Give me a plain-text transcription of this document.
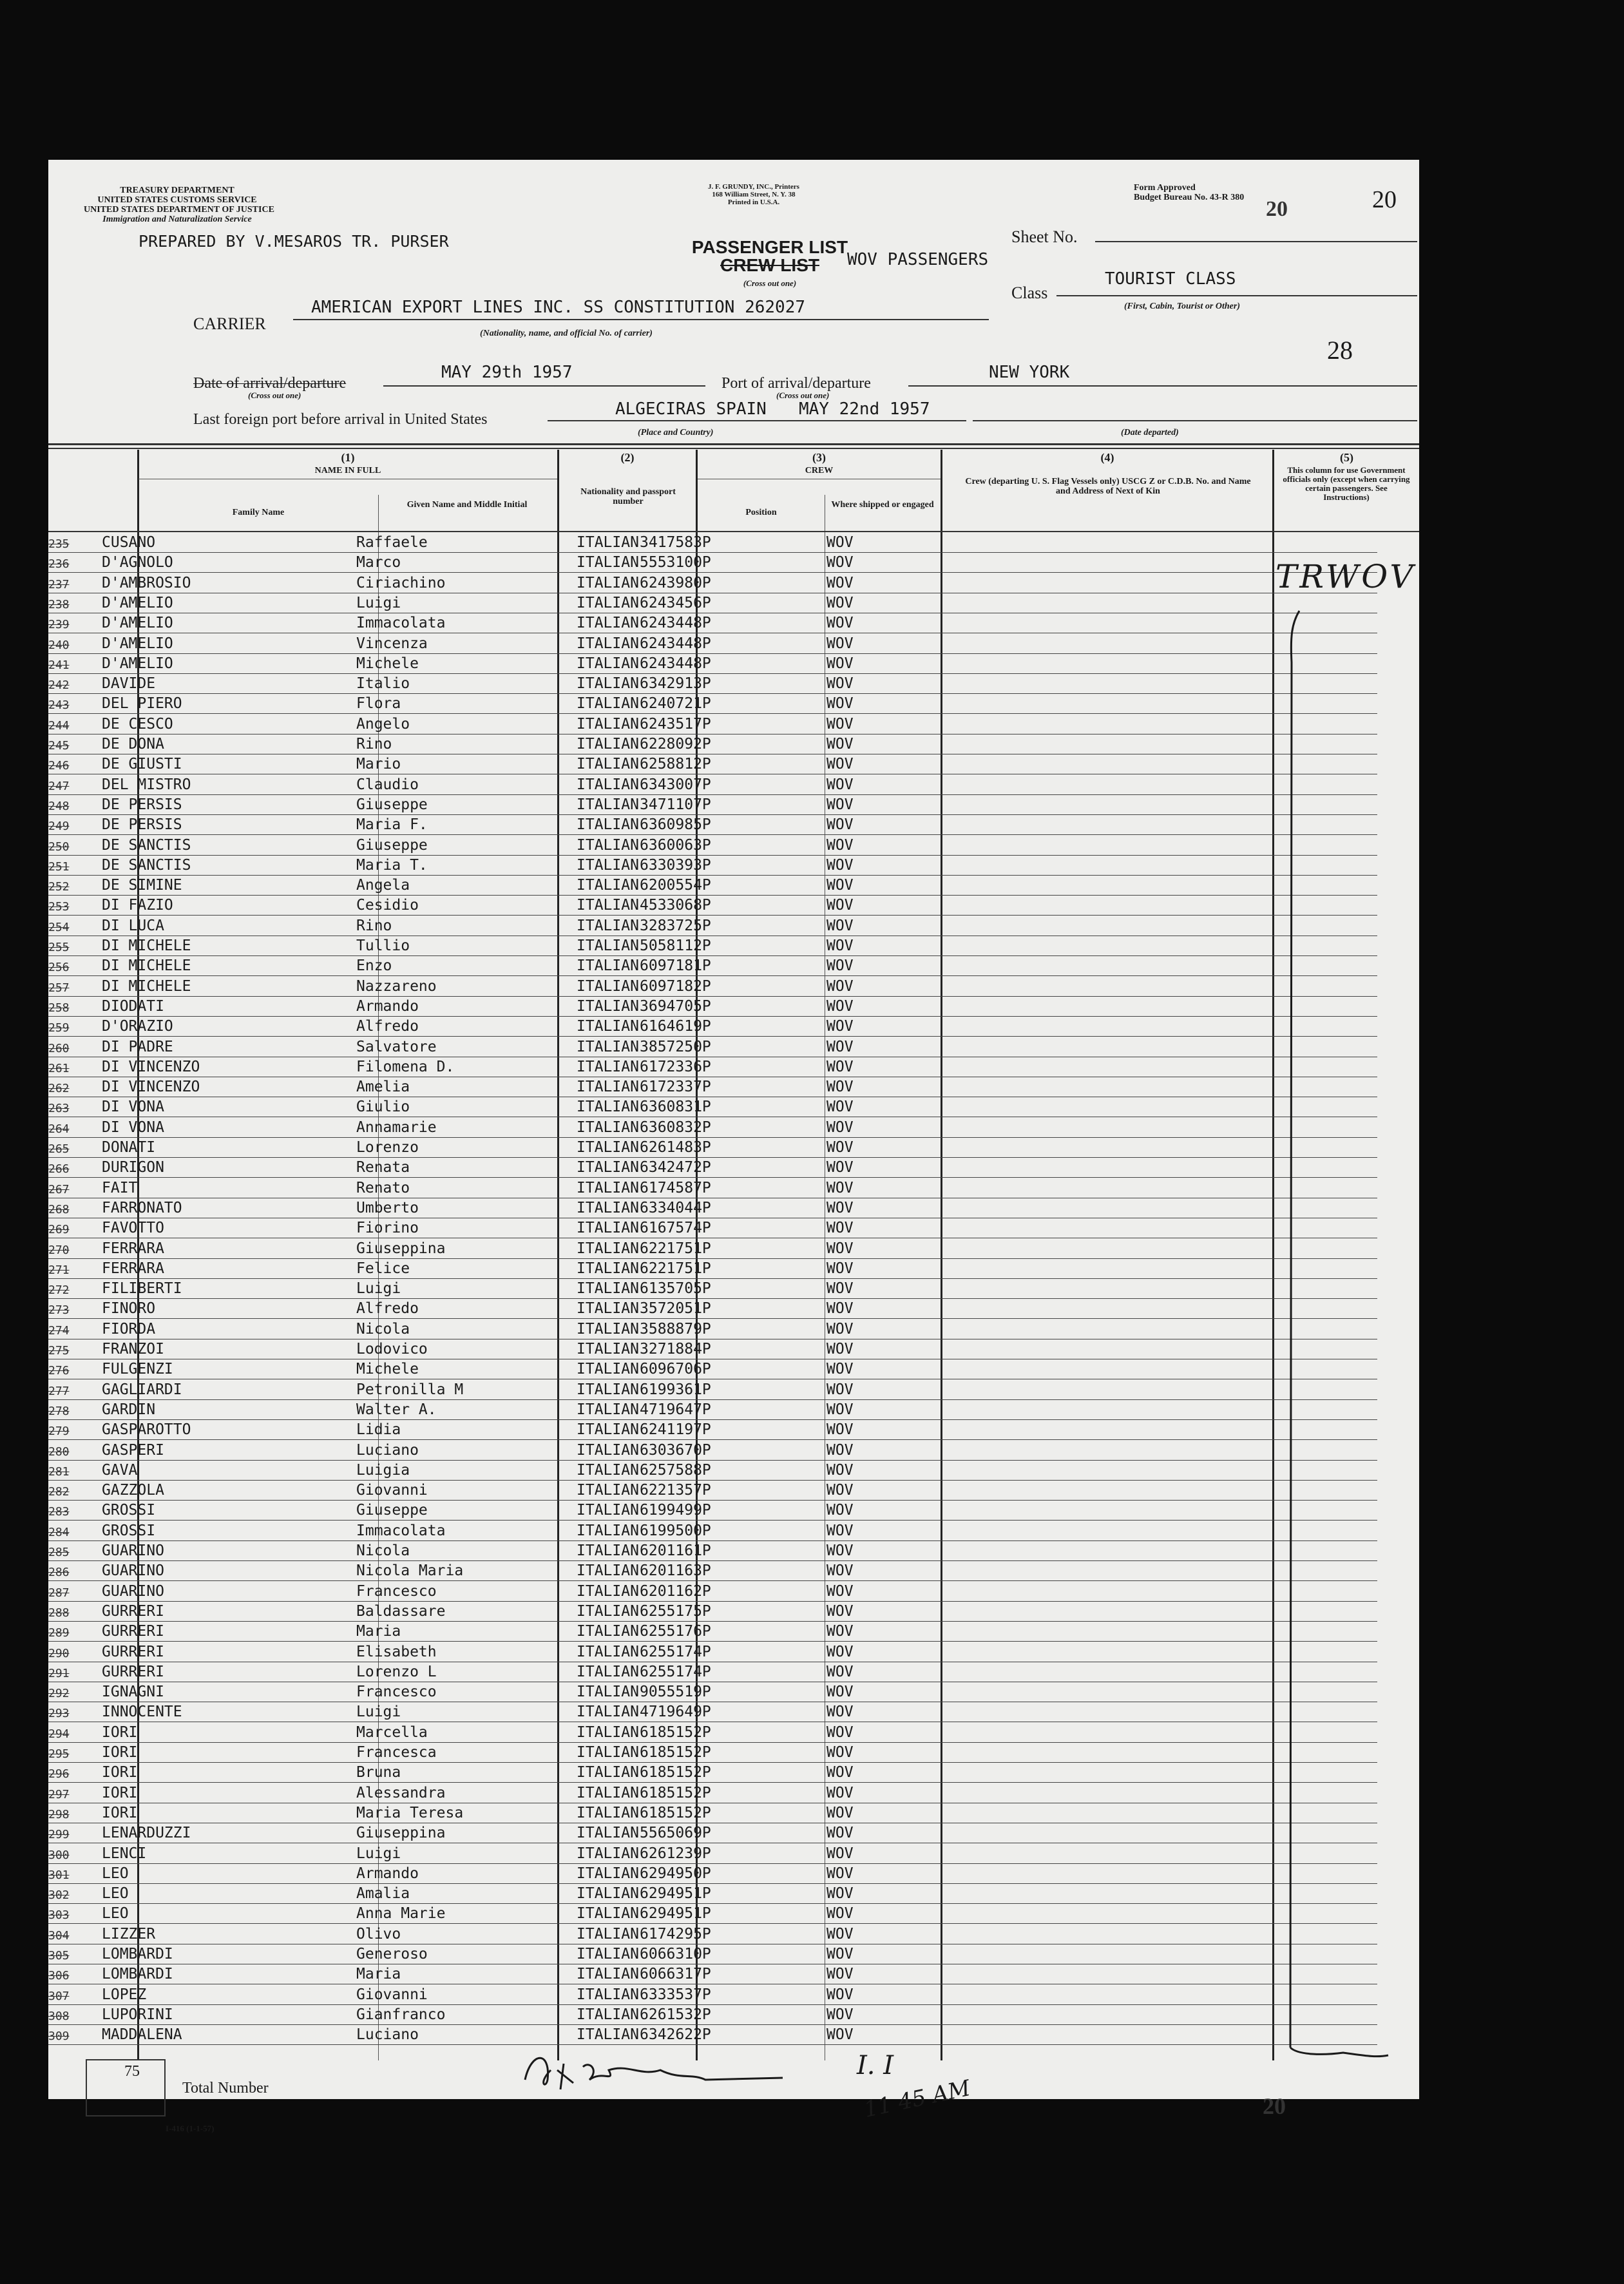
TREASURY DEPARTMENT
UNITED STATES CUSTOMS SERVICE
UNITED STATES DEPARTMENT OF JUSTICE
Immigration and Naturalization Service
J. F. GRUNDY, INC., Printers
168 William Street, N. Y. 38
Printed in U.S.A.
Form Approved
Budget Bureau No. 43-R 380	20
Sheet No.
20
PREPARED BY V.MESAROS TR. PURSER	PASSENGER LIST
CREW LIST
(Cross out one)
WOV PASSENGERS
Class
TOURIST CLASS
(First, Cabin, Tourist or Other)
CARRIER
AMERICAN EXPORT LINES INC. SS CONSTITUTION 262027
(Nationality, name, and official No. of carrier)
Date of arrival/departure
(Cross out one)
MAY 29th 1957
Port of arrival/departure
(Cross out one)
NEW YORK
28
Last foreign port before arrival in United States
ALGECIRAS SPAIN MAY 22nd 1957
(Place and Country)	(Date departed)
(1)
NAME IN FULL
Family Name
Given Name and Middle Initial
(2)
Nationality and passport number
(3)
CREW
Position
Where shipped or engaged
(4)
Crew (departing U. S. Flag Vessels only) USCG Z or C.D.B. No. and Name and Address of Next of Kin
(5)
This column for use Government officials only (except when carrying certain passengers. See Instructions)
235	CUSANO	Raffaele	ITALIAN 3417583P	WOV
236	D'AGNOLO	Marco	ITALIAN 5553100P	WOV
237	D'AMBROSIO	Ciriachino	ITALIAN 6243980P	WOV
238	D'AMELIO	Luigi	ITALIAN 6243456P	WOV
239	D'AMELIO	Immacolata	ITALIAN 6243448P	WOV
240	D'AMELIO	Vincenza	ITALIAN 6243448P	WOV
241	D'AMELIO	Michele	ITALIAN 6243448P	WOV
242	DAVIDE	Italio	ITALIAN 6342913P	WOV
243	DEL PIERO	Flora	ITALIAN 6240721P	WOV
244	DE CESCO	Angelo	ITALIAN 6243517P	WOV
245	DE DONA	Rino	ITALIAN 6228092P	WOV
246	DE GIUSTI	Mario	ITALIAN 6258812P	WOV
247	DEL MISTRO	Claudio	ITALIAN 6343007P	WOV
248	DE PERSIS	Giuseppe	ITALIAN 3471107P	WOV
249	DE PERSIS	Maria F.	ITALIAN 6360985P	WOV
250	DE SANCTIS	Giuseppe	ITALIAN 6360063P	WOV
251	DE SANCTIS	Maria T.	ITALIAN 6330393P	WOV
252	DE SIMINE	Angela	ITALIAN 6200554P	WOV
253	DI FAZIO	Cesidio	ITALIAN 4533068P	WOV
254	DI LUCA	Rino	ITALIAN 3283725P	WOV
255	DI MICHELE	Tullio	ITALIAN 5058112P	WOV
256	DI MICHELE	Enzo	ITALIAN 6097181P	WOV
257	DI MICHELE	Nazzareno	ITALIAN 6097182P	WOV
258	DIODATI	Armando	ITALIAN 3694705P	WOV
259	D'ORAZIO	Alfredo	ITALIAN 6164619P	WOV
260	DI PADRE	Salvatore	ITALIAN 3857250P	WOV
261	DI VINCENZO	Filomena D.	ITALIAN 6172336P	WOV
262	DI VINCENZO	Amelia	ITALIAN 6172337P	WOV
263	DI VONA	Giulio	ITALIAN 6360831P	WOV
264	DI VONA	Annamarie	ITALIAN 6360832P	WOV
265	DONATI	Lorenzo	ITALIAN 6261483P	WOV
266	DURIGON	Renata	ITALIAN 6342472P	WOV
267	FAIT	Renato	ITALIAN 6174587P	WOV
268	FARRONATO	Umberto	ITALIAN 6334044P	WOV
269	FAVOTTO	Fiorino	ITALIAN 6167574P	WOV
270	FERRARA	Giuseppina	ITALIAN 6221751P	WOV
271	FERRARA	Felice	ITALIAN 6221751P	WOV
272	FILIBERTI	Luigi	ITALIAN 6135705P	WOV
273	FINORO	Alfredo	ITALIAN 3572051P	WOV
274	FIORDA	Nicola	ITALIAN 3588879P	WOV
275	FRANZOI	Lodovico	ITALIAN 3271884P	WOV
276	FULGENZI	Michele	ITALIAN 6096706P	WOV
277	GAGLIARDI	Petronilla M	ITALIAN 6199361P	WOV
278	GARDIN	Walter A.	ITALIAN 4719647P	WOV
279	GASPAROTTO	Lidia	ITALIAN 6241197P	WOV
280	GASPERI	Luciano	ITALIAN 6303670P	WOV
281	GAVA	Luigia	ITALIAN 6257588P	WOV
282	GAZZOLA	Giovanni	ITALIAN 6221357P	WOV
283	GROSSI	Giuseppe	ITALIAN 6199499P	WOV
284	GROSSI	Immacolata	ITALIAN 6199500P	WOV
285	GUARINO	Nicola	ITALIAN 6201161P	WOV
286	GUARINO	Nicola Maria	ITALIAN 6201163P	WOV
287	GUARINO	Francesco	ITALIAN 6201162P	WOV
288	GURRERI	Baldassare	ITALIAN 6255175P	WOV
289	GURRERI	Maria	ITALIAN 6255176P	WOV
290	GURRERI	Elisabeth	ITALIAN 6255174P	WOV
291	GURRERI	Lorenzo L	ITALIAN 6255174P	WOV
292	IGNAGNI	Francesco	ITALIAN 9055519P	WOV
293	INNOCENTE	Luigi	ITALIAN 4719649P	WOV
294	IORI	Marcella	ITALIAN 6185152P	WOV
295	IORI	Francesca	ITALIAN 6185152P	WOV
296	IORI	Bruna	ITALIAN 6185152P	WOV
297	IORI	Alessandra	ITALIAN 6185152P	WOV
298	IORI	Maria Teresa	ITALIAN 6185152P	WOV
299	LENARDUZZI	Giuseppina	ITALIAN 5565069P	WOV
300	LENCI	Luigi	ITALIAN 6261239P	WOV
301	LEO	Armando	ITALIAN 6294950P	WOV
302	LEO	Amalia	ITALIAN 6294951P	WOV
303	LEO	Anna Marie	ITALIAN 6294951P	WOV
304	LIZZER	Olivo	ITALIAN 6174295P	WOV
305	LOMBARDI	Generoso	ITALIAN 6066310P	WOV
306	LOMBARDI	Maria	ITALIAN 6066317P	WOV
307	LOPEZ	Giovanni	ITALIAN 6333537P	WOV
308	LUPORINI	Gianfranco	ITALIAN 6261532P	WOV
309	MADDALENA	Luciano	ITALIAN 6342622P	WOV
TRWOV
75
Total Number
I-416 (1-1-57)
I. I
11 45 AM	20
